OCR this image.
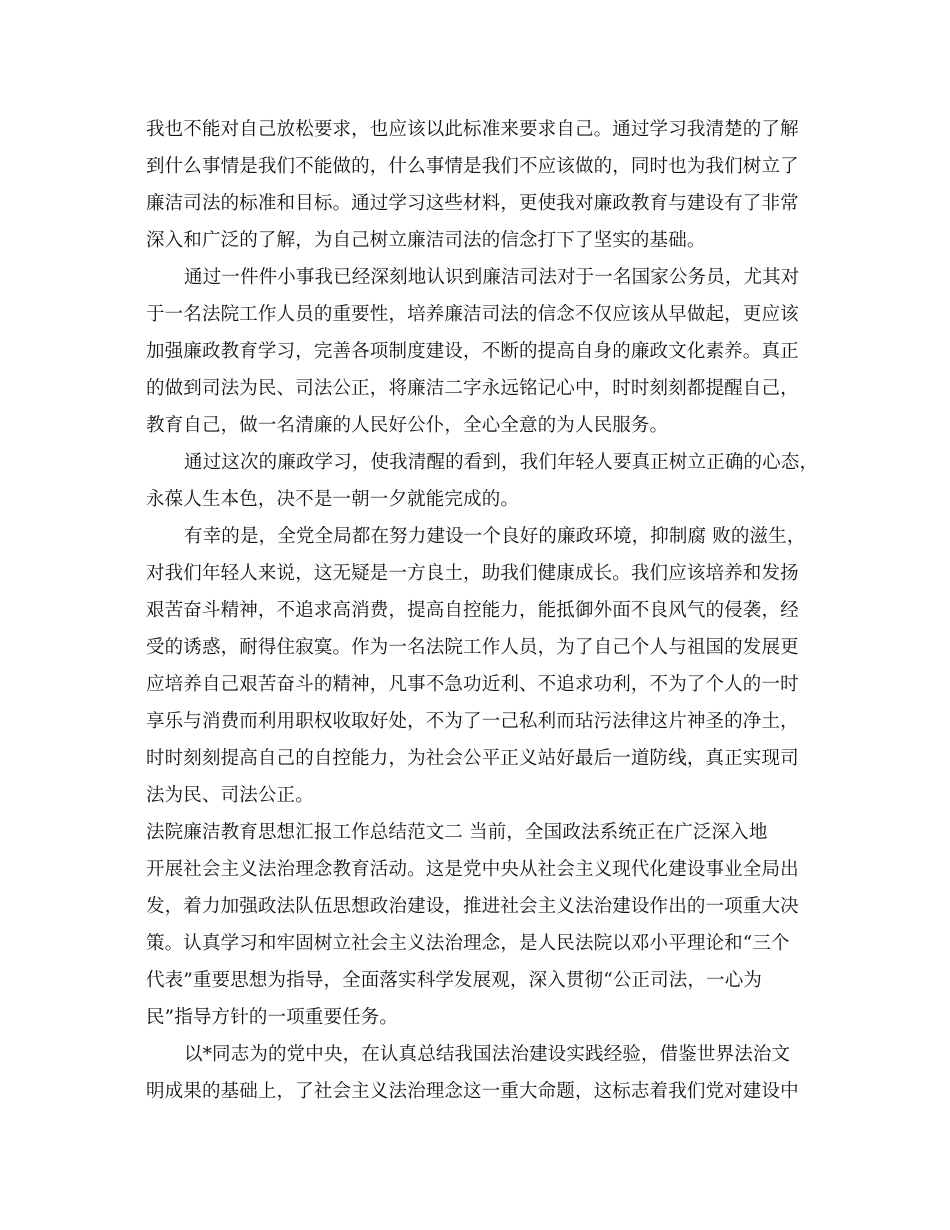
我也不能对自己放松要求，也应该以此标准来要求自己。通过学习我清楚的了解
到什么事情是我们不能做的，什么事情是我们不应该做的，同时也为我们树立了
廉洁司法的标准和目标。通过学习这些材料，更使我对廉政教育与建设有了非常
深入和广泛的了解，为自己树立廉洁司法的信念打下了坚实的基础。
通过一件件小事我已经深刻地认识到廉洁司法对于一名国家公务员，尤其对
于一名法院工作人员的重要性，培养廉洁司法的信念不仅应该从早做起，更应该
加强廉政教育学习，完善各项制度建设，不断的提高自身的廉政文化素养。真正
的做到司法为民、司法公正，将廉洁二字永远铭记心中，时时刻刻都提醒自己，
教育自己，做一名清廉的人民好公仆，全心全意的为人民服务。
通过这次的廉政学习，使我清醒的看到，我们年轻人要真正树立正确的心态，
永葆人生本色，决不是一朝一夕就能完成的。
有幸的是，全党全局都在努力建设一个良好的廉政环境，抑制腐 败的滋生，
对我们年轻人来说，这无疑是一方良土，助我们健康成长。我们应该培养和发扬
艰苦奋斗精神，不追求高消费，提高自控能力，能抵御外面不良风气的侵袭，经
受的诱惑，耐得住寂寞。作为一名法院工作人员，为了自己个人与祖国的发展更
应培养自己艰苦奋斗的精神，凡事不急功近利、不追求功利，不为了个人的一时
享乐与消费而利用职权收取好处，不为了一己私利而玷污法律这片神圣的净土，
时时刻刻提高自己的自控能力，为社会公平正义站好最后一道防线，真正实现司
法为民、司法公正。
法院廉洁教育思想汇报工作总结范文二 当前，全国政法系统正在广泛深入地
开展社会主义法治理念教育活动。这是党中央从社会主义现代化建设事业全局出
发，着力加强政法队伍思想政治建设，推进社会主义法治建设作出的一项重大决
策。认真学习和牢固树立社会主义法治理念，是人民法院以邓小平理论和“三个
代表”重要思想为指导，全面落实科学发展观，深入贯彻“公正司法，一心为
民”指导方针的一项重要任务。
以*同志为的党中央，在认真总结我国法治建设实践经验，借鉴世界法治文
明成果的基础上，了社会主义法治理念这一重大命题，这标志着我们党对建设中
